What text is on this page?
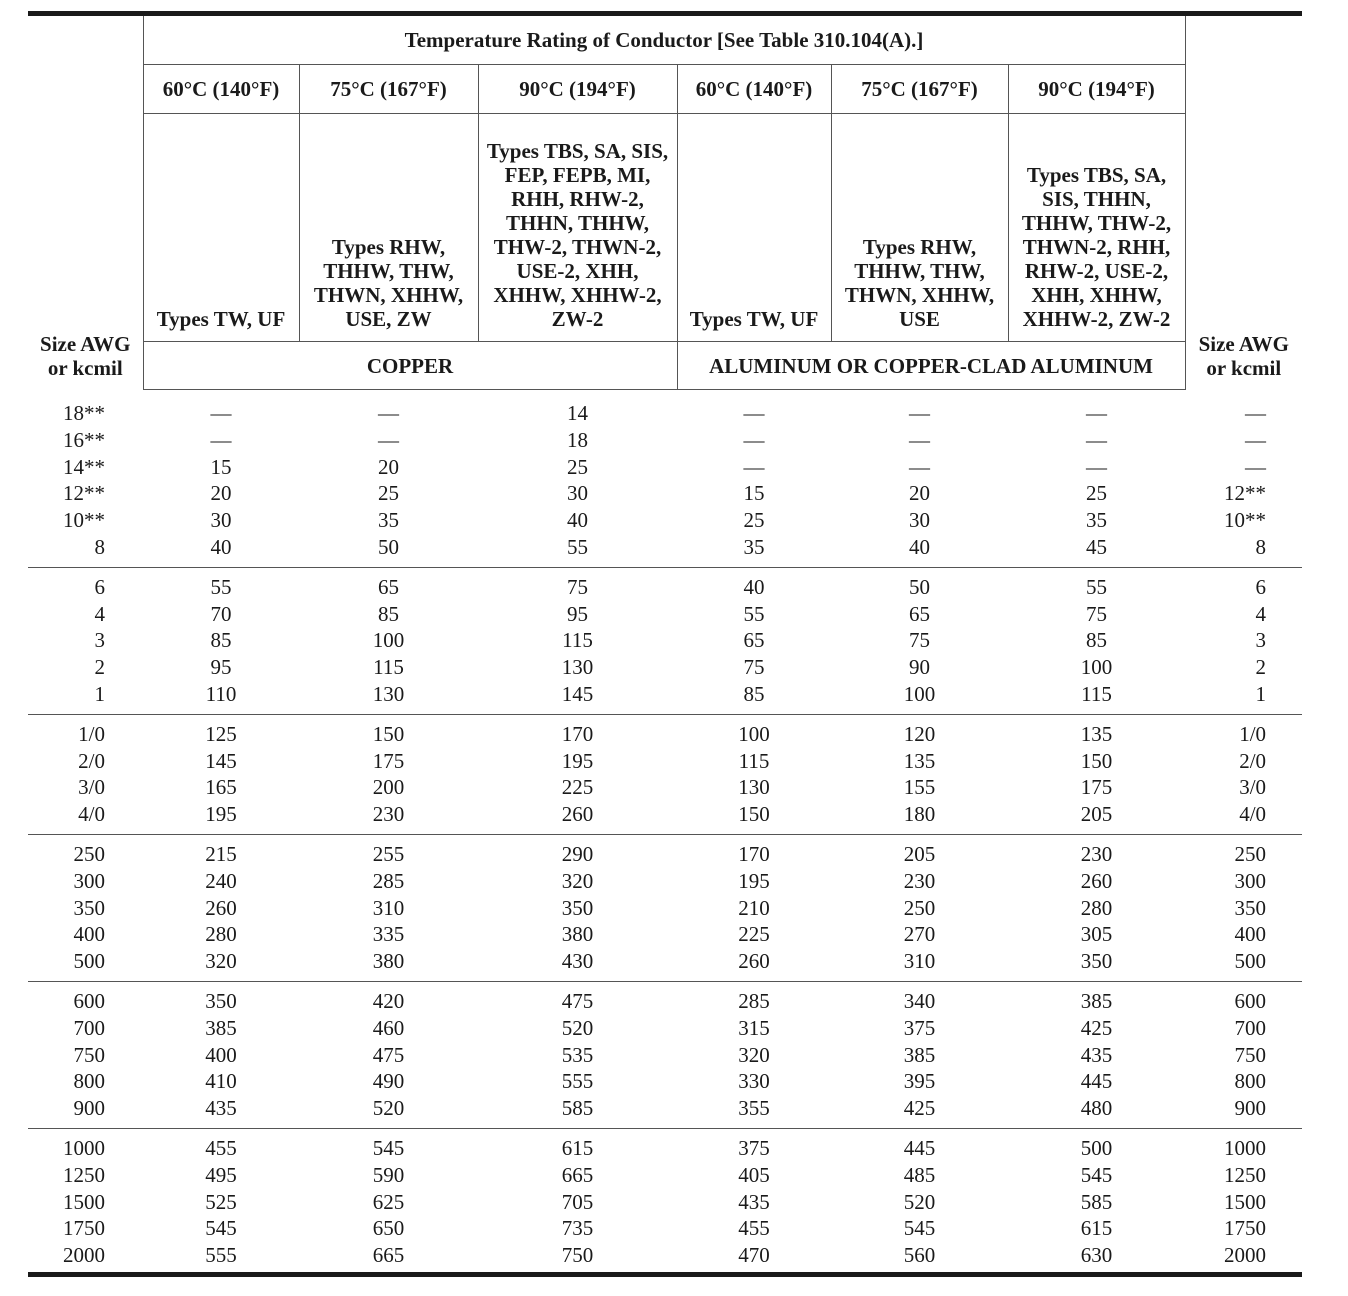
	Temperature Rating of Conductor [See Table 310.104(A).]						
	60°C (140°F)	75°C (167°F)	90°C (194°F)	60°C (140°F)	75°C (167°F)	90°C (194°F)	
Size AWG or kcmil	Types TW, UF	Types RHW, THHW, THW, THWN, XHHW, USE, ZW	Types TBS, SA, SIS, FEP, FEPB, MI, RHH, RHW-2, THHN, THHW, THW-2, THWN-2, USE-2, XHH, XHHW, XHHW-2, ZW-2	Types TW, UF	Types RHW, THHW, THW, THWN, XHHW, USE	Types TBS, SA, SIS, THHN, THHW, THW-2, THWN-2, RHH, RHW-2, USE-2, XHH, XHHW, XHHW-2, ZW-2	Size AWG or kcmil
	COPPER			ALUMINUM OR COPPER-CLAD ALUMINUM			

18**	—	—	14	—	—	—	—
16**	—	—	18	—	—	—	—
14**	15	20	25	—	—	—	—
12**	20	25	30	15	20	25	12**
10**	30	35	40	25	30	35	10**
8	40	50	55	35	40	45	8

6	55	65	75	40	50	55	6
4	70	85	95	55	65	75	4
3	85	100	115	65	75	85	3
2	95	115	130	75	90	100	2
1	110	130	145	85	100	115	1

1/0	125	150	170	100	120	135	1/0
2/0	145	175	195	115	135	150	2/0
3/0	165	200	225	130	155	175	3/0
4/0	195	230	260	150	180	205	4/0

250	215	255	290	170	205	230	250
300	240	285	320	195	230	260	300
350	260	310	350	210	250	280	350
400	280	335	380	225	270	305	400
500	320	380	430	260	310	350	500

600	350	420	475	285	340	385	600
700	385	460	520	315	375	425	700
750	400	475	535	320	385	435	750
800	410	490	555	330	395	445	800
900	435	520	585	355	425	480	900

1000	455	545	615	375	445	500	1000
1250	495	590	665	405	485	545	1250
1500	525	625	705	435	520	585	1500
1750	545	650	735	455	545	615	1750
2000	555	665	750	470	560	630	2000
